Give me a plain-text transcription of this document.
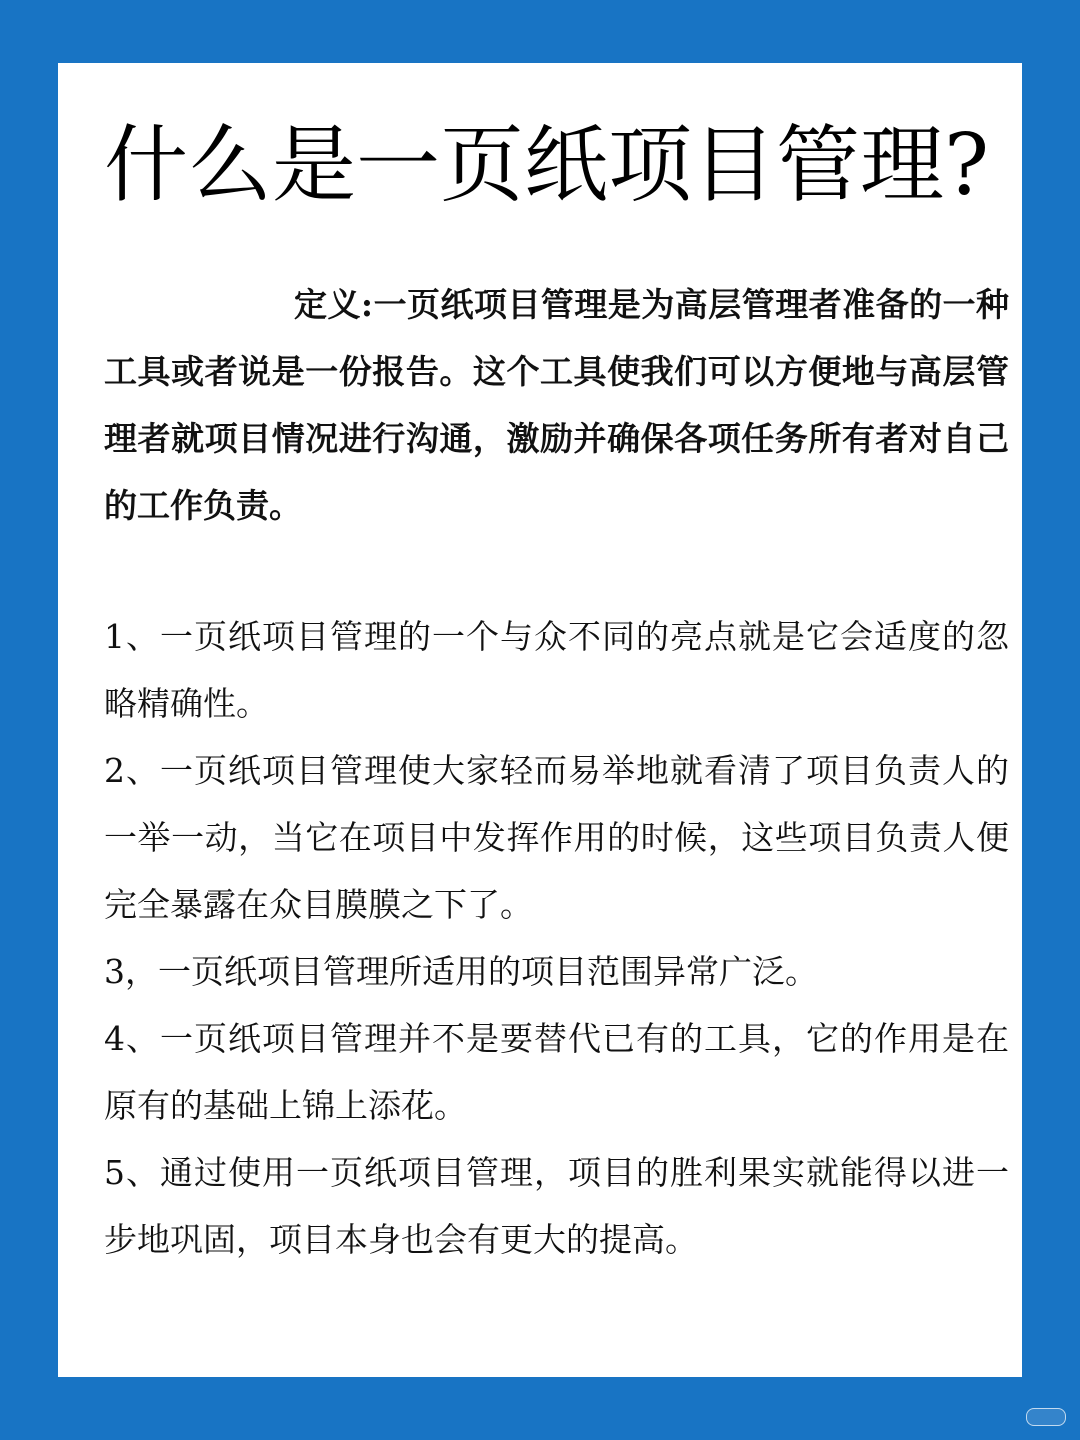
什么是一页纸项目管理?
定义:一页纸项目管理是为高层管理者准备的一种工具或者说是一份报告。这个工具使我们可以方便地与高层管理者就项目情况进行沟通，激励并确保各项任务所有者对自己的工作负责。

1、一页纸项目管理的一个与众不同的亮点就是它会适度的忽略精确性。

2、一页纸项目管理使大家轻而易举地就看清了项目负责人的一举一动，当它在项目中发挥作用的时候，这些项目负责人便完全暴露在众目膜膜之下了。

3，一页纸项目管理所适用的项目范围异常广泛。

4、一页纸项目管理并不是要替代已有的工具，它的作用是在原有的基础上锦上添花。

5、通过使用一页纸项目管理，项目的胜利果实就能得以进一步地巩固，项目本身也会有更大的提高。
